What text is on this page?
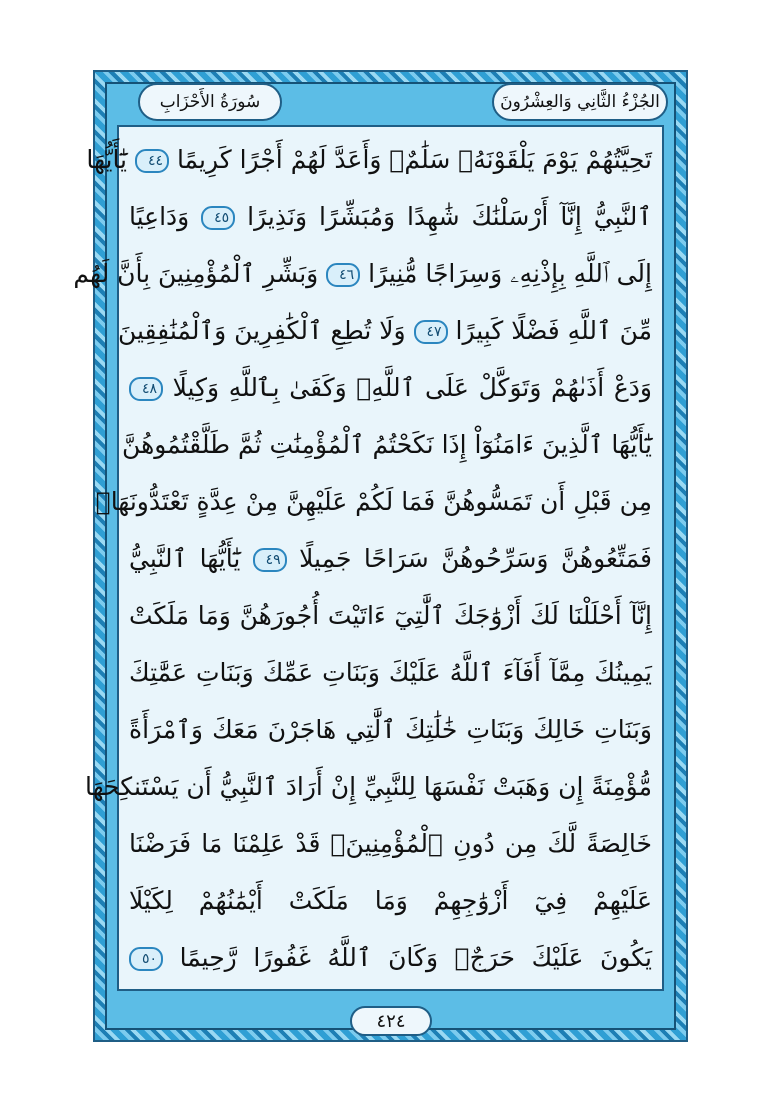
الجُزْءُ الثَّانِي وَالعِشْرُونَ
سُورَةُ الأَحْزَابِ
تَحِيَّتُهُمْ يَوْمَ يَلْقَوْنَهُۥ سَلَٰمٌۚ وَأَعَدَّ لَهُمْ أَجْرًا كَرِيمًا ٤٤ يَٰٓأَيُّهَا
ٱلنَّبِيُّ إِنَّآ أَرْسَلْنَٰكَ شَٰهِدًا وَمُبَشِّرًا وَنَذِيرًا ٤٥ وَدَاعِيًا
إِلَى ٱللَّهِ بِإِذْنِهِۦ وَسِرَاجًا مُّنِيرًا ٤٦ وَبَشِّرِ ٱلْمُؤْمِنِينَ بِأَنَّ لَهُم
مِّنَ ٱللَّهِ فَضْلًا كَبِيرًا ٤٧ وَلَا تُطِعِ ٱلْكَٰفِرِينَ وَٱلْمُنَٰفِقِينَ
وَدَعْ أَذَىٰهُمْ وَتَوَكَّلْ عَلَى ٱللَّهِۚ وَكَفَىٰ بِٱللَّهِ وَكِيلًا ٤٨
يَٰٓأَيُّهَا ٱلَّذِينَ ءَامَنُوٓاْ إِذَا نَكَحْتُمُ ٱلْمُؤْمِنَٰتِ ثُمَّ طَلَّقْتُمُوهُنَّ
مِن قَبْلِ أَن تَمَسُّوهُنَّ فَمَا لَكُمْ عَلَيْهِنَّ مِنْ عِدَّةٍ تَعْتَدُّونَهَاۖ
فَمَتِّعُوهُنَّ وَسَرِّحُوهُنَّ سَرَاحًا جَمِيلًا ٤٩ يَٰٓأَيُّهَا ٱلنَّبِيُّ
إِنَّآ أَحْلَلْنَا لَكَ أَزْوَٰجَكَ ٱلَّٰتِيٓ ءَاتَيْتَ أُجُورَهُنَّ وَمَا مَلَكَتْ
يَمِينُكَ مِمَّآ أَفَآءَ ٱللَّهُ عَلَيْكَ وَبَنَاتِ عَمِّكَ وَبَنَاتِ عَمَّٰتِكَ
وَبَنَاتِ خَالِكَ وَبَنَاتِ خَٰلَٰتِكَ ٱلَّٰتِي هَاجَرْنَ مَعَكَ وَٱمْرَأَةً
مُّؤْمِنَةً إِن وَهَبَتْ نَفْسَهَا لِلنَّبِيِّ إِنْ أَرَادَ ٱلنَّبِيُّ أَن يَسْتَنكِحَهَا
خَالِصَةً لَّكَ مِن دُونِ ٱلْمُؤْمِنِينَۗ قَدْ عَلِمْنَا مَا فَرَضْنَا
عَلَيْهِمْ فِيٓ أَزْوَٰجِهِمْ وَمَا مَلَكَتْ أَيْمَٰنُهُمْ لِكَيْلَا
يَكُونَ عَلَيْكَ حَرَجٌۗ وَكَانَ ٱللَّهُ غَفُورًا رَّحِيمًا ٥٠
٤٢٤
